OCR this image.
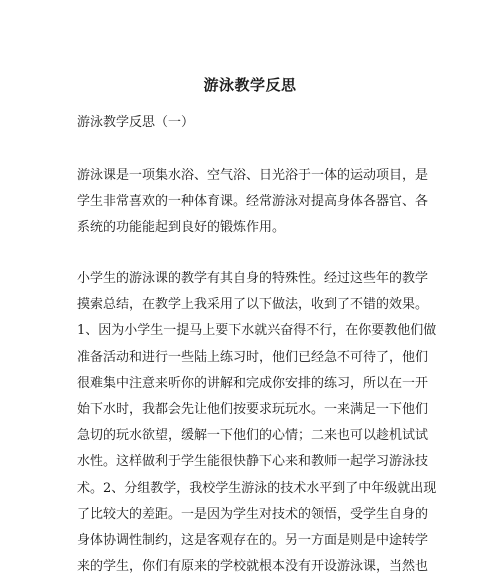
游泳教学反思
游泳教学反思（一）
游泳课是一项集水浴、空气浴、日光浴于一体的运动项目，是
学生非常喜欢的一种体育课。经常游泳对提高身体各器官、各
系统的功能能起到良好的锻炼作用。
小学生的游泳课的教学有其自身的特殊性。经过这些年的教学
摸索总结，在教学上我采用了以下做法，收到了不错的效果。
1、因为小学生一提马上要下水就兴奋得不行，在你要教他们做
准备活动和进行一些陆上练习时，他们已经急不可待了，他们
很难集中注意来听你的讲解和完成你安排的练习，所以在一开
始下水时，我都会先让他们按要求玩玩水。一来满足一下他们
急切的玩水欲望，缓解一下他们的心情；二来也可以趁机试试
水性。这样做利于学生能很快静下心来和教师一起学习游泳技
术。2、分组教学，我校学生游泳的技术水平到了中年级就出现
了比较大的差距。一是因为学生对技术的领悟，受学生自身的
身体协调性制约，这是客观存在的。另一方面是则是中途转学
来的学生，你们有原来的学校就根本没有开设游泳课，当然也
